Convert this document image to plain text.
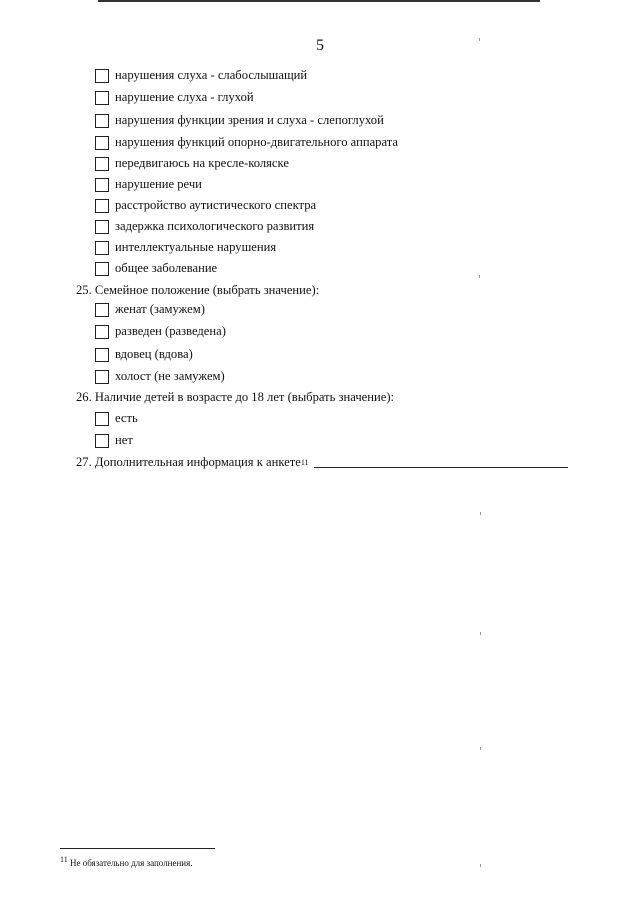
5
нарушения слуха - слабослышащий
нарушение слуха - глухой
нарушения функции зрения и слуха - слепоглухой
нарушения функций опорно-двигательного аппарата
передвигаюсь на кресле-коляске
нарушение речи
расстройство аутистического спектра
задержка психологического развития
интеллектуальные нарушения
общее заболевание
25. Семейное положение (выбрать значение):
женат (замужем)
разведен (разведена)
вдовец (вдова)
холост (не замужем)
26. Наличие детей в возрасте до 18 лет (выбрать значение):
есть
нет
27. Дополнительная информация к анкете 11
$^{11}$ Не обязательно для заполнения.
